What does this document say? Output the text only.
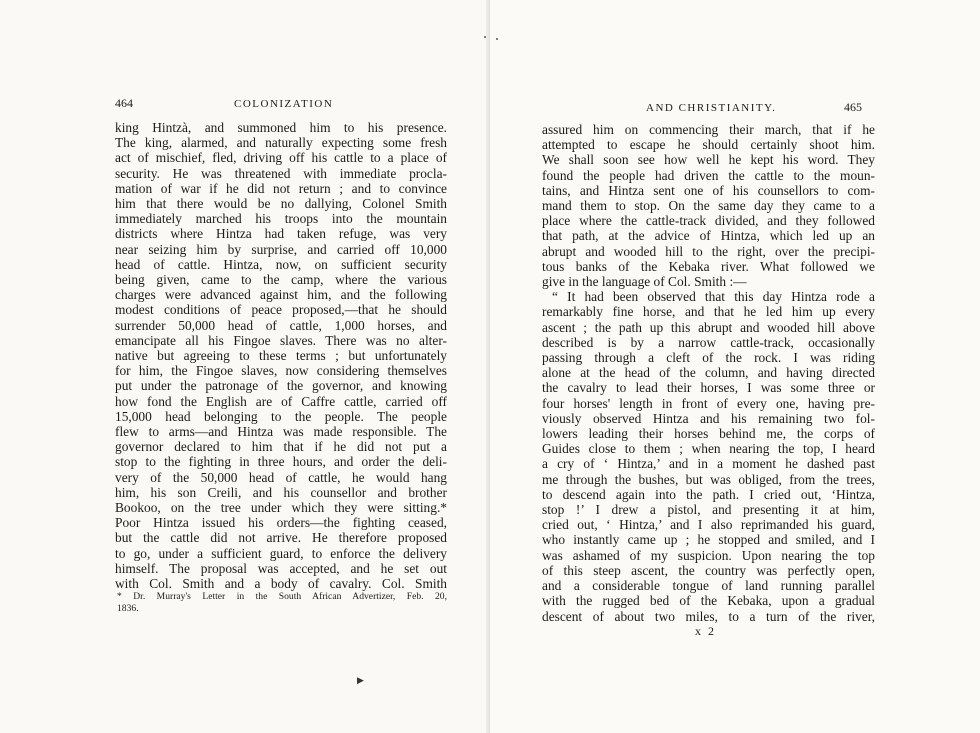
464	COLONIZATION
king Hintzà, and summoned him to his presence.
The king, alarmed, and naturally expecting some fresh
act of mischief, fled, driving off his cattle to a place of
security. He was threatened with immediate procla-
mation of war if he did not return ; and to convince
him that there would be no dallying, Colonel Smith
immediately marched his troops into the mountain
districts where Hintza had taken refuge, was very
near seizing him by surprise, and carried off 10,000
head of cattle. Hintza, now, on sufficient security
being given, came to the camp, where the various
charges were advanced against him, and the following
modest conditions of peace proposed,—that he should
surrender 50,000 head of cattle, 1,000 horses, and
emancipate all his Fingoe slaves. There was no alter-
native but agreeing to these terms ; but unfortunately
for him, the Fingoe slaves, now considering themselves
put under the patronage of the governor, and knowing
how fond the English are of Caffre cattle, carried off
15,000 head belonging to the people. The people
flew to arms—and Hintza was made responsible. The
governor declared to him that if he did not put a
stop to the fighting in three hours, and order the deli-
very of the 50,000 head of cattle, he would hang
him, his son Creili, and his counsellor and brother
Bookoo, on the tree under which they were sitting.*
Poor Hintza issued his orders—the fighting ceased,
but the cattle did not arrive. He therefore proposed
to go, under a sufficient guard, to enforce the delivery
himself. The proposal was accepted, and he set out
with Col. Smith and a body of cavalry. Col. Smith
* Dr. Murray's Letter in the South African Advertizer, Feb. 20,
1836.
▶
AND CHRISTIANITY.	465
assured him on commencing their march, that if he
attempted to escape he should certainly shoot him.
We shall soon see how well he kept his word. They
found the people had driven the cattle to the moun-
tains, and Hintza sent one of his counsellors to com-
mand them to stop. On the same day they came to a
place where the cattle-track divided, and they followed
that path, at the advice of Hintza, which led up an
abrupt and wooded hill to the right, over the precipi-
tous banks of the Kebaka river. What followed we
give in the language of Col. Smith :—
“ It had been observed that this day Hintza rode a
remarkably fine horse, and that he led him up every
ascent ; the path up this abrupt and wooded hill above
described is by a narrow cattle-track, occasionally
passing through a cleft of the rock. I was riding
alone at the head of the column, and having directed
the cavalry to lead their horses, I was some three or
four horses' length in front of every one, having pre-
viously observed Hintza and his remaining two fol-
lowers leading their horses behind me, the corps of
Guides close to them ; when nearing the top, I heard
a cry of ‘ Hintza,’ and in a moment he dashed past
me through the bushes, but was obliged, from the trees,
to descend again into the path. I cried out, ‘Hintza,
stop !’ I drew a pistol, and presenting it at him,
cried out, ‘ Hintza,’ and I also reprimanded his guard,
who instantly came up ; he stopped and smiled, and I
was ashamed of my suspicion. Upon nearing the top
of this steep ascent, the country was perfectly open,
and a considerable tongue of land running parallel
with the rugged bed of the Kebaka, upon a gradual
descent of about two miles, to a turn of the river,
x 2
